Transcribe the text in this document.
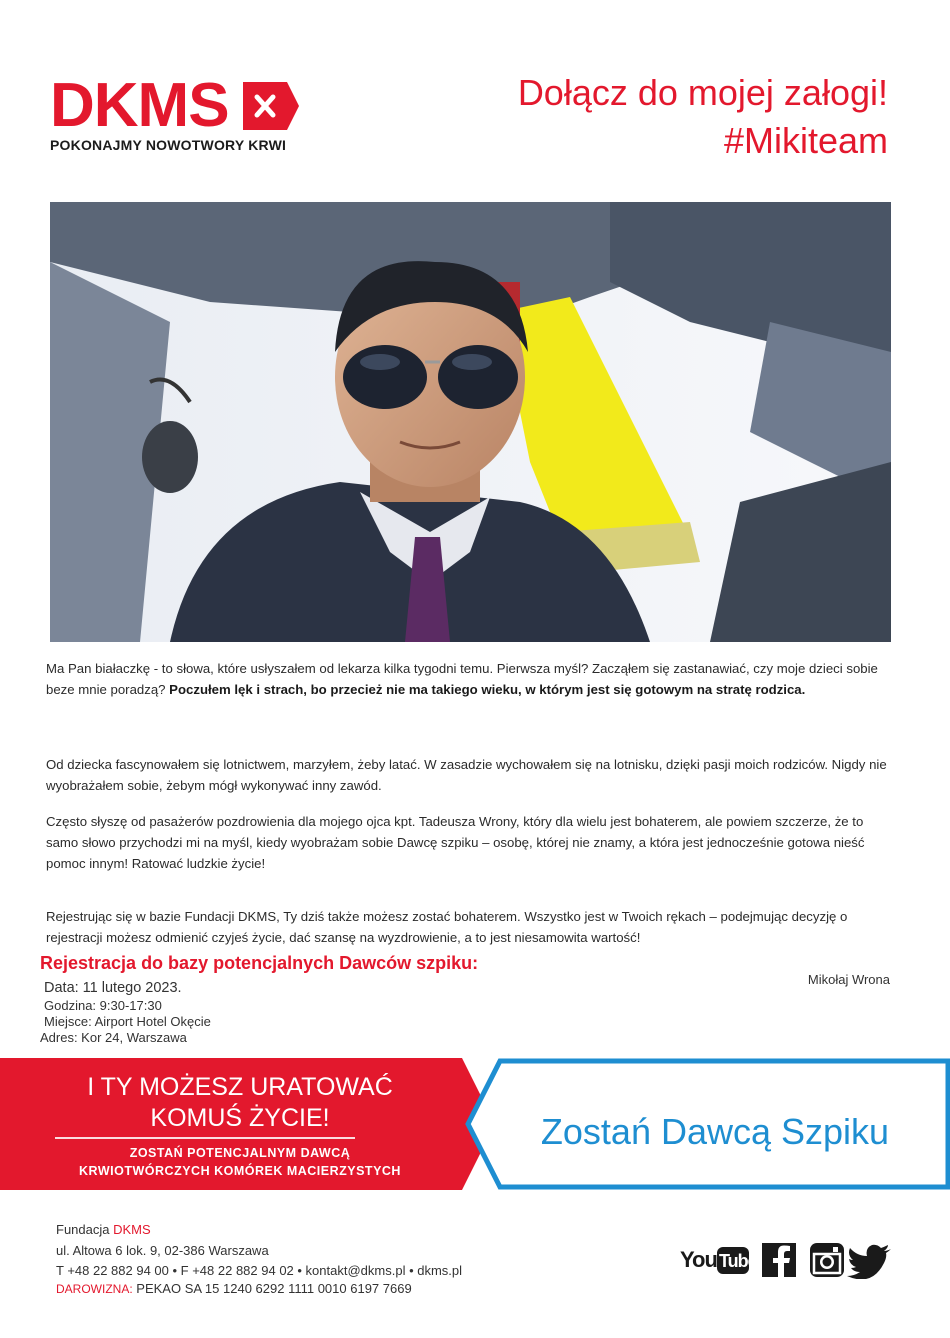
DKMS
POKONAJMY NOWOTWORY KRWI
Dołącz do mojej załogi!
#Mikiteam
Ma Pan białaczkę - to słowa, które usłyszałem od lekarza kilka tygodni temu. Pierwsza myśl? Zacząłem się zastanawiać, czy moje dzieci sobie beze mnie poradzą? Poczułem lęk i strach, bo przecież nie ma takiego wieku, w którym jest się gotowym na stratę rodzica.
Od dziecka fascynowałem się lotnictwem, marzyłem, żeby latać. W zasadzie wychowałem się na lotnisku, dzięki pasji moich rodziców. Nigdy nie wyobrażałem sobie, żebym mógł wykonywać inny zawód.
Często słyszę od pasażerów pozdrowienia dla mojego ojca kpt. Tadeusza Wrony, który dla wielu jest bohaterem, ale powiem szczerze, że to samo słowo przychodzi mi na myśl, kiedy wyobrażam sobie Dawcę szpiku – osobę, której nie znamy, a która jest jednocześnie gotowa nieść pomoc innym! Ratować ludzkie życie!
Rejestrując się w bazie Fundacji DKMS, Ty dziś także możesz zostać bohaterem. Wszystko jest w Twoich rękach – podejmując decyzję o rejestracji możesz odmienić czyjeś życie, dać szansę na wyzdrowienie, a to jest niesamowita wartość!
Rejestracja do bazy potencjalnych Dawców szpiku:
Mikołaj Wrona
Data: 11 lutego 2023.
Godzina: 9:30-17:30
Miejsce: Airport Hotel Okęcie
Adres: Kor 24, Warszawa
I TY MOŻESZ URATOWAĆ
KOMUŚ ŻYCIE!
ZOSTAŃ POTENCJALNYM DAWCĄ
KRWIOTWÓRCZYCH KOMÓREK MACIERZYSTYCH
Zostań Dawcą Szpiku
Fundacja DKMS
ul. Altowa 6 lok. 9, 02-386 Warszawa
T +48 22 882 94 00 • F +48 22 882 94 02 • kontakt@dkms.pl • dkms.pl
DAROWIZNA: PEKAO SA 15 1240 6292 1111 0010 6197 7669
You Tube
